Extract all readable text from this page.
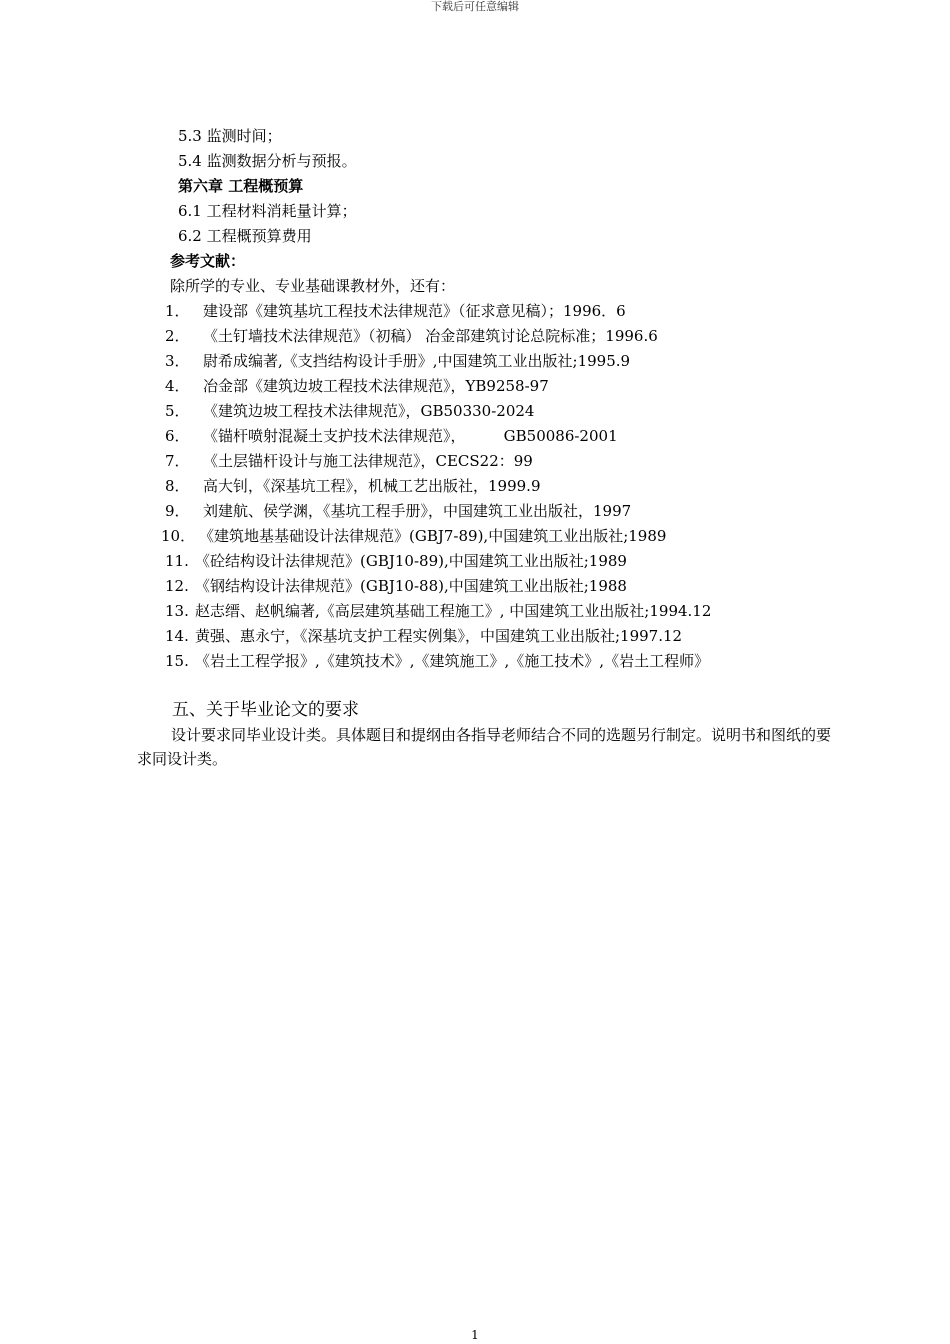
下载后可任意编辑
5.3 监测时间；
5.4 监测数据分析与预报。
第六章 工程概预算
6.1 工程材料消耗量计算；
6.2 工程概预算费用
参考文献：
除所学的专业、专业基础课教材外，还有：
1． 建设部《建筑基坑工程技术法律规范》（征求意见稿）；1996．6
2． 《土钉墙技术法律规范》（初稿） 冶金部建筑讨论总院标准；1996.6
3． 尉希成编著,《支挡结构设计手册》,中国建筑工业出版社;1995.9
4． 冶金部《建筑边坡工程技术法律规范》，YB9258-97
5． 《建筑边坡工程技术法律规范》，GB50330-2024
6． 《锚杆喷射混凝土支护技术法律规范》，        GB50086-2001
7． 《土层锚杆设计与施工法律规范》，CECS22：99
8． 高大钊，《深基坑工程》，机械工艺出版社，1999.9
9． 刘建航、侯学渊，《基坑工程手册》，中国建筑工业出版社，1997
10． 《建筑地基基础设计法律规范》(GBJ7-89),中国建筑工业出版社;1989
11. 《砼结构设计法律规范》(GBJ10-89),中国建筑工业出版社;1989
12. 《钢结构设计法律规范》(GBJ10-88),中国建筑工业出版社;1988
13. 赵志缙、赵帆编著,《高层建筑基础工程施工》, 中国建筑工业出版社;1994.12
14. 黄强、惠永宁，《深基坑支护工程实例集》，中国建筑工业出版社;1997.12
15. 《岩土工程学报》,《建筑技术》,《建筑施工》,《施工技术》,《岩土工程师》
五、关于毕业论文的要求
设计要求同毕业设计类。具体题目和提纲由各指导老师结合不同的选题另行制定。说明书和图纸的要求同设计类。
1
